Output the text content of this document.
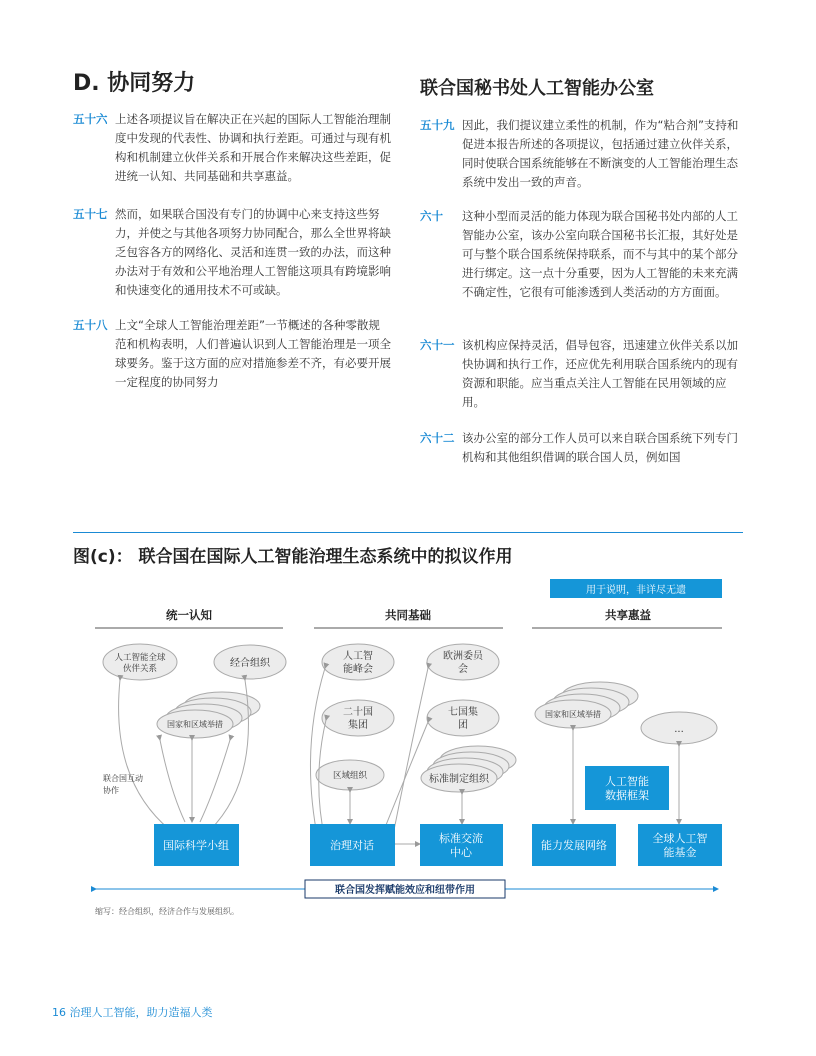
D. 协同努力
五十六 上述各项提议旨在解决正在兴起的国际人工智能治理制度中发现的代表性、协调和执行差距。可通过与现有机构和机制建立伙伴关系和开展合作来解决这些差距，促进统一认知、共同基础和共享惠益。
五十七 然而，如果联合国没有专门的协调中心来支持这些努力，并使之与其他各项努力协同配合，那么全世界将缺乏包容各方的网络化、灵活和连贯一致的办法，而这种办法对于有效和公平地治理人工智能这项具有跨境影响和快速变化的通用技术不可或缺。
五十八 上文“全球人工智能治理差距”一节概述的各种零散规范和机构表明，人们普遍认识到人工智能治理是一项全球要务。鉴于这方面的应对措施参差不齐，有必要开展一定程度的协同努力
联合国秘书处人工智能办公室
五十九 因此，我们提议建立柔性的机制，作为“粘合剂”支持和促进本报告所述的各项提议，包括通过建立伙伴关系，同时使联合国系统能够在不断演变的人工智能治理生态系统中发出一致的声音。
六十 这种小型而灵活的能力体现为联合国秘书处内部的人工智能办公室，该办公室向联合国秘书长汇报，其好处是可与整个联合国系统保持联系，而不与其中的某个部分进行绑定。这一点十分重要，因为人工智能的未来充满不确定性，它很有可能渗透到人类活动的方方面面。
六十一 该机构应保持灵活，倡导包容，迅速建立伙伴关系以加快协调和执行工作，还应优先利用联合国系统内的现有资源和职能。应当重点关注人工智能在民用领域的应用。
六十二 该办公室的部分工作人员可以来自联合国系统下列专门机构和其他组织借调的联合国人员，例如国
图(c)： 联合国在国际人工智能治理生态系统中的拟议作用
用于说明，非详尽无遗
统一认知	共同基础	共享惠益
人工智能全球
伙伴关系	经合组织
国家和区域举措
人工智
能峰会
欧洲委员
会
二十国
集团
七国集
团
区域组织	标准制定组织
国家和区域举措
...
联合国互动
协作
国际科学小组	治理对话
标准交流
中心
能力发展网络
全球人工智
能基金
人工智能
数据框架
联合国发挥赋能效应和纽带作用
缩写：经合组织，经济合作与发展组织。
16 治理人工智能，助力造福人类
